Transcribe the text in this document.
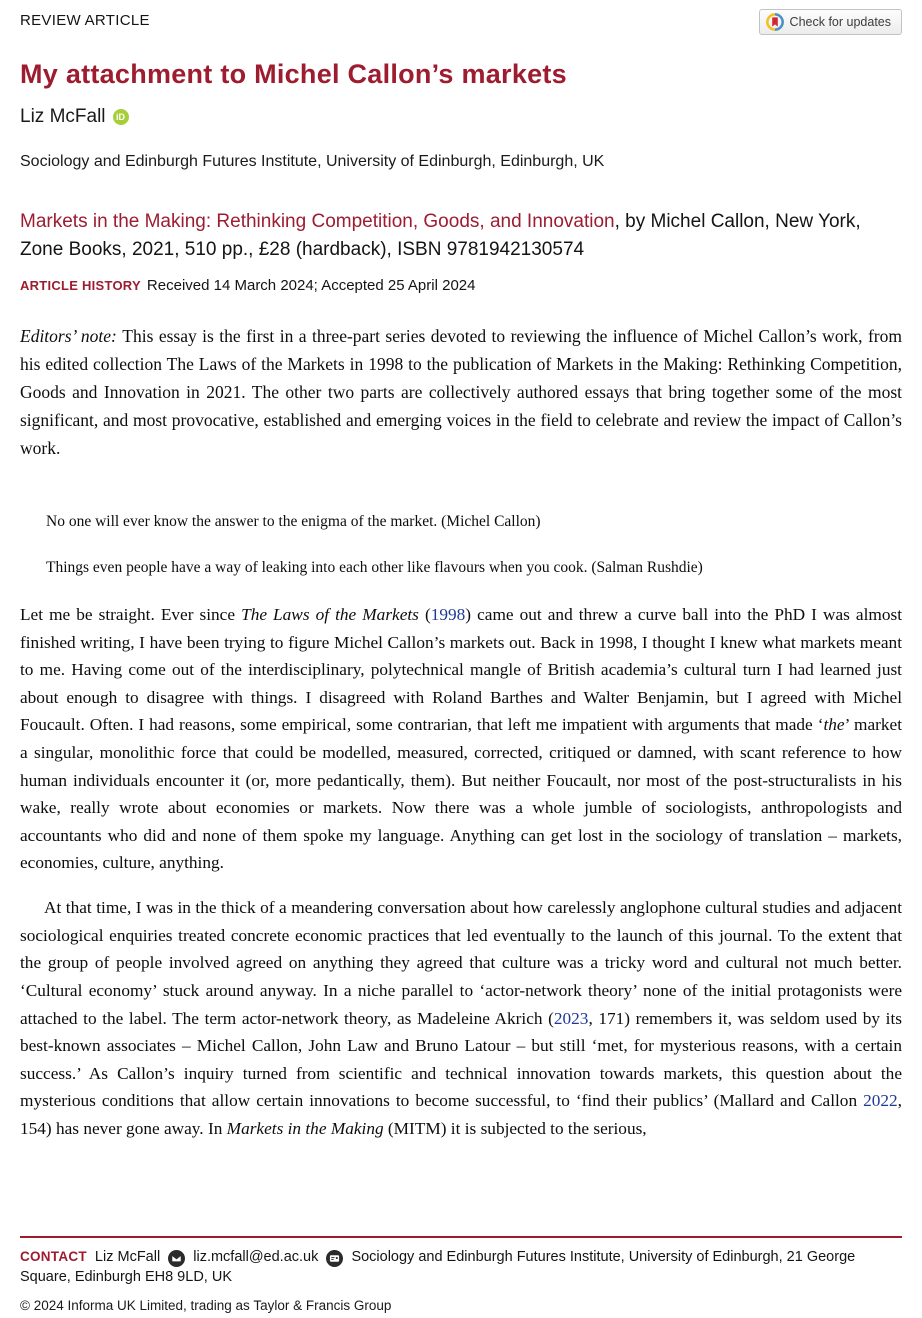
REVIEW ARTICLE	Check for updates
My attachment to Michel Callon’s markets
Liz McFall	iD
Sociology and Edinburgh Futures Institute, University of Edinburgh, Edinburgh, UK
Markets in the Making: Rethinking Competition, Goods, and Innovation, by Michel Callon, New York, Zone Books, 2021, 510 pp., £28 (hardback), ISBN 9781942130574
ARTICLE HISTORY Received 14 March 2024; Accepted 25 April 2024
Editors’ note: This essay is the first in a three-part series devoted to reviewing the influence of Michel Callon’s work, from his edited collection The Laws of the Markets in 1998 to the publication of Markets in the Making: Rethinking Competition, Goods and Innovation in 2021. The other two parts are collectively authored essays that bring together some of the most significant, and most provocative, established and emerging voices in the field to celebrate and review the impact of Callon’s work.
No one will ever know the answer to the enigma of the market. (Michel Callon)
Things even people have a way of leaking into each other like flavours when you cook. (Salman Rushdie)

Let me be straight. Ever since The Laws of the Markets (1998) came out and threw a curve ball into the PhD I was almost finished writing, I have been trying to figure Michel Callon’s markets out. Back in 1998, I thought I knew what markets meant to me. Having come out of the interdisciplinary, polytechnical mangle of British academia’s cultural turn I had learned just about enough to disagree with things. I disagreed with Roland Barthes and Walter Benjamin, but I agreed with Michel Foucault. Often. I had reasons, some empirical, some contrarian, that left me impatient with arguments that made ‘the’ market a singular, monolithic force that could be modelled, measured, corrected, critiqued or damned, with scant reference to how human individuals encounter it (or, more pedantically, them). But neither Foucault, nor most of the post-structuralists in his wake, really wrote about economies or markets. Now there was a whole jumble of sociologists, anthropologists and accountants who did and none of them spoke my language. Anything can get lost in the sociology of translation – markets, economies, culture, anything.

At that time, I was in the thick of a meandering conversation about how carelessly anglophone cultural studies and adjacent sociological enquiries treated concrete economic practices that led eventually to the launch of this journal. To the extent that the group of people involved agreed on anything they agreed that culture was a tricky word and cultural not much better. ‘Cultural economy’ stuck around anyway. In a niche parallel to ‘actor-network theory’ none of the initial protagonists were attached to the label. The term actor-network theory, as Madeleine Akrich (2023, 171) remembers it, was seldom used by its best-known associates – Michel Callon, John Law and Bruno Latour – but still ‘met, for mysterious reasons, with a certain success.’ As Callon’s inquiry turned from scientific and technical innovation towards markets, this question about the mysterious conditions that allow certain innovations to become successful, to ‘find their publics’ (Mallard and Callon 2022, 154) has never gone away. In Markets in the Making (MITM) it is subjected to the serious,

CONTACT Liz McFall liz.mcfall@ed.ac.uk Sociology and Edinburgh Futures Institute, University of Edinburgh, 21 George Square, Edinburgh EH8 9LD, UK
© 2024 Informa UK Limited, trading as Taylor & Francis Group
